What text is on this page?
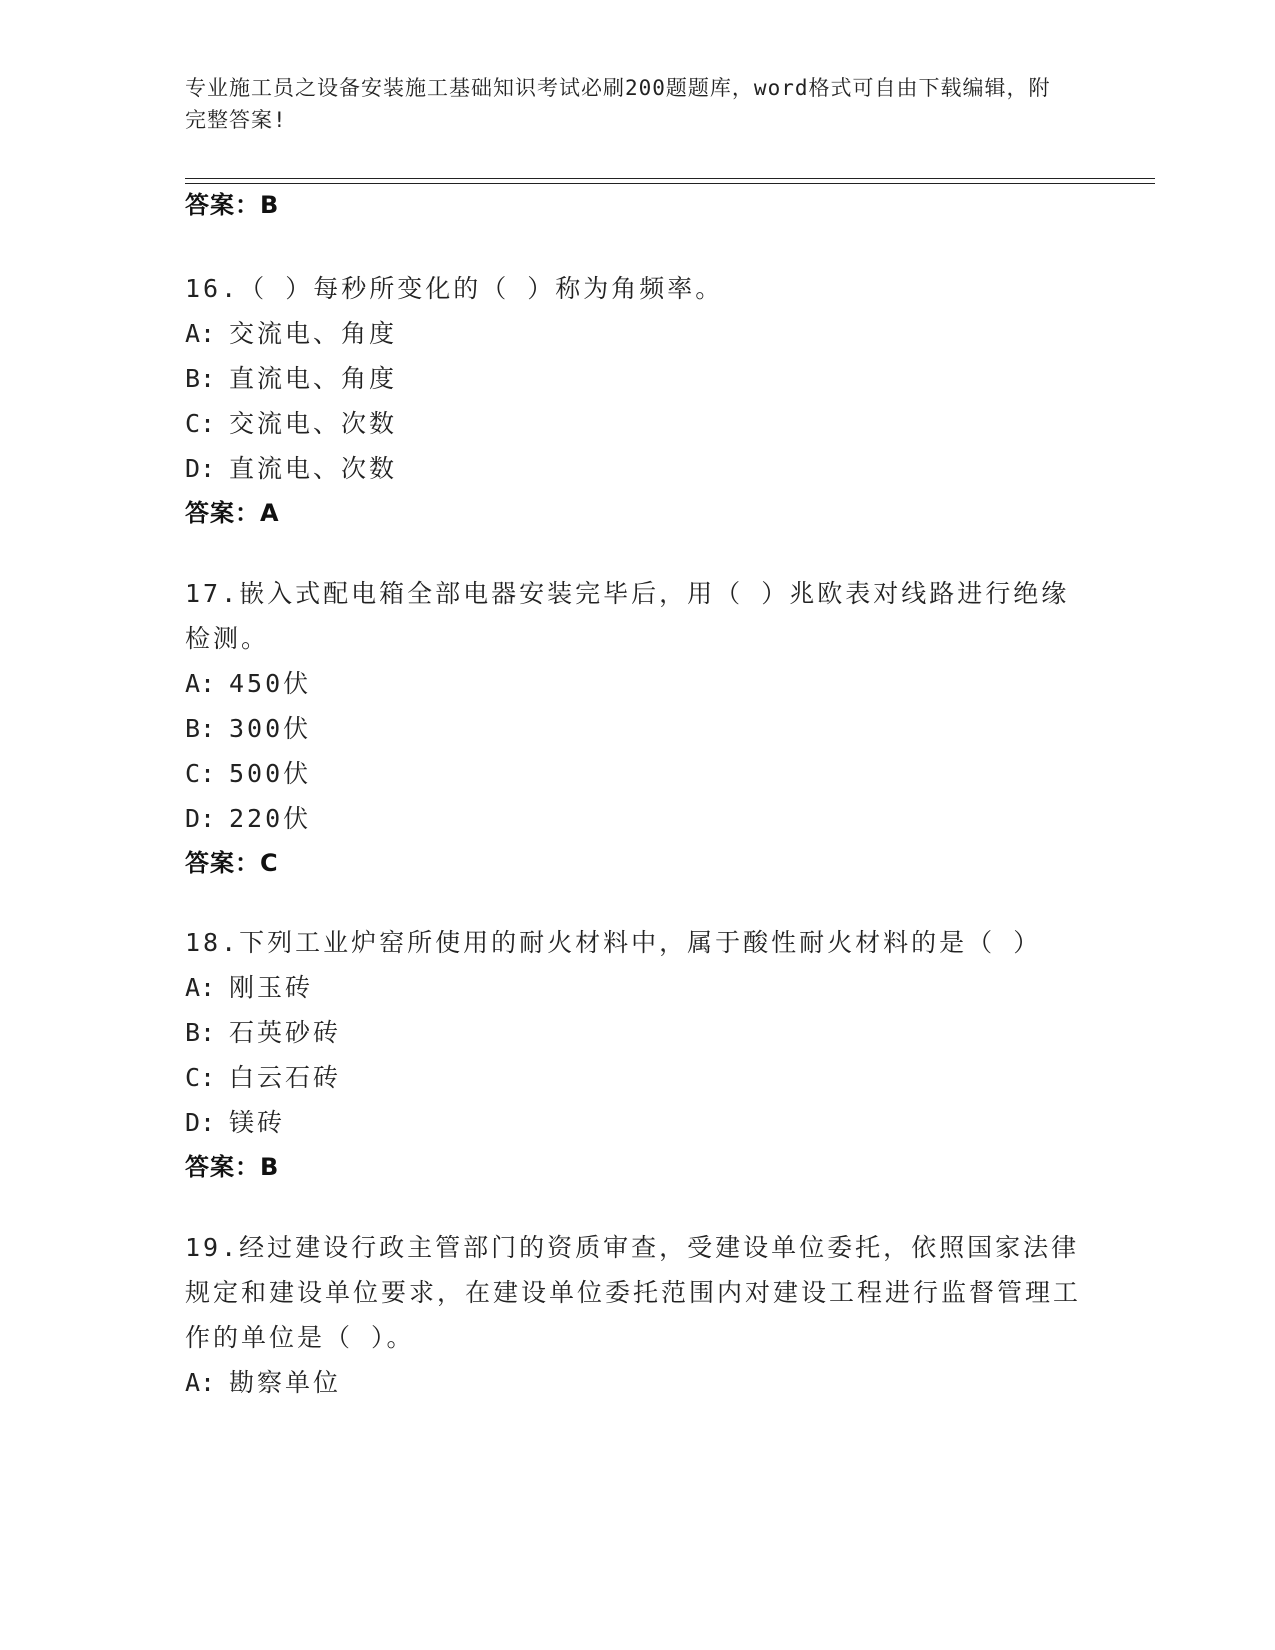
专业施工员之设备安装施工基础知识考试必刷200题题库，word格式可自由下载编辑，附完整答案!
答案：B
16.（ ）每秒所变化的（ ）称为角频率。
A: 交流电、角度
B: 直流电、角度
C: 交流电、次数
D: 直流电、次数
答案：A
17.嵌入式配电箱全部电器安装完毕后，用（ ）兆欧表对线路进行绝缘检测。
A: 450伏
B: 300伏
C: 500伏
D: 220伏
答案：C
18.下列工业炉窑所使用的耐火材料中，属于酸性耐火材料的是（ ）
A: 刚玉砖
B: 石英砂砖
C: 白云石砖
D: 镁砖
答案：B
19.经过建设行政主管部门的资质审查，受建设单位委托，依照国家法律规定和建设单位要求，在建设单位委托范围内对建设工程进行监督管理工作的单位是（ ）。
A: 勘察单位
